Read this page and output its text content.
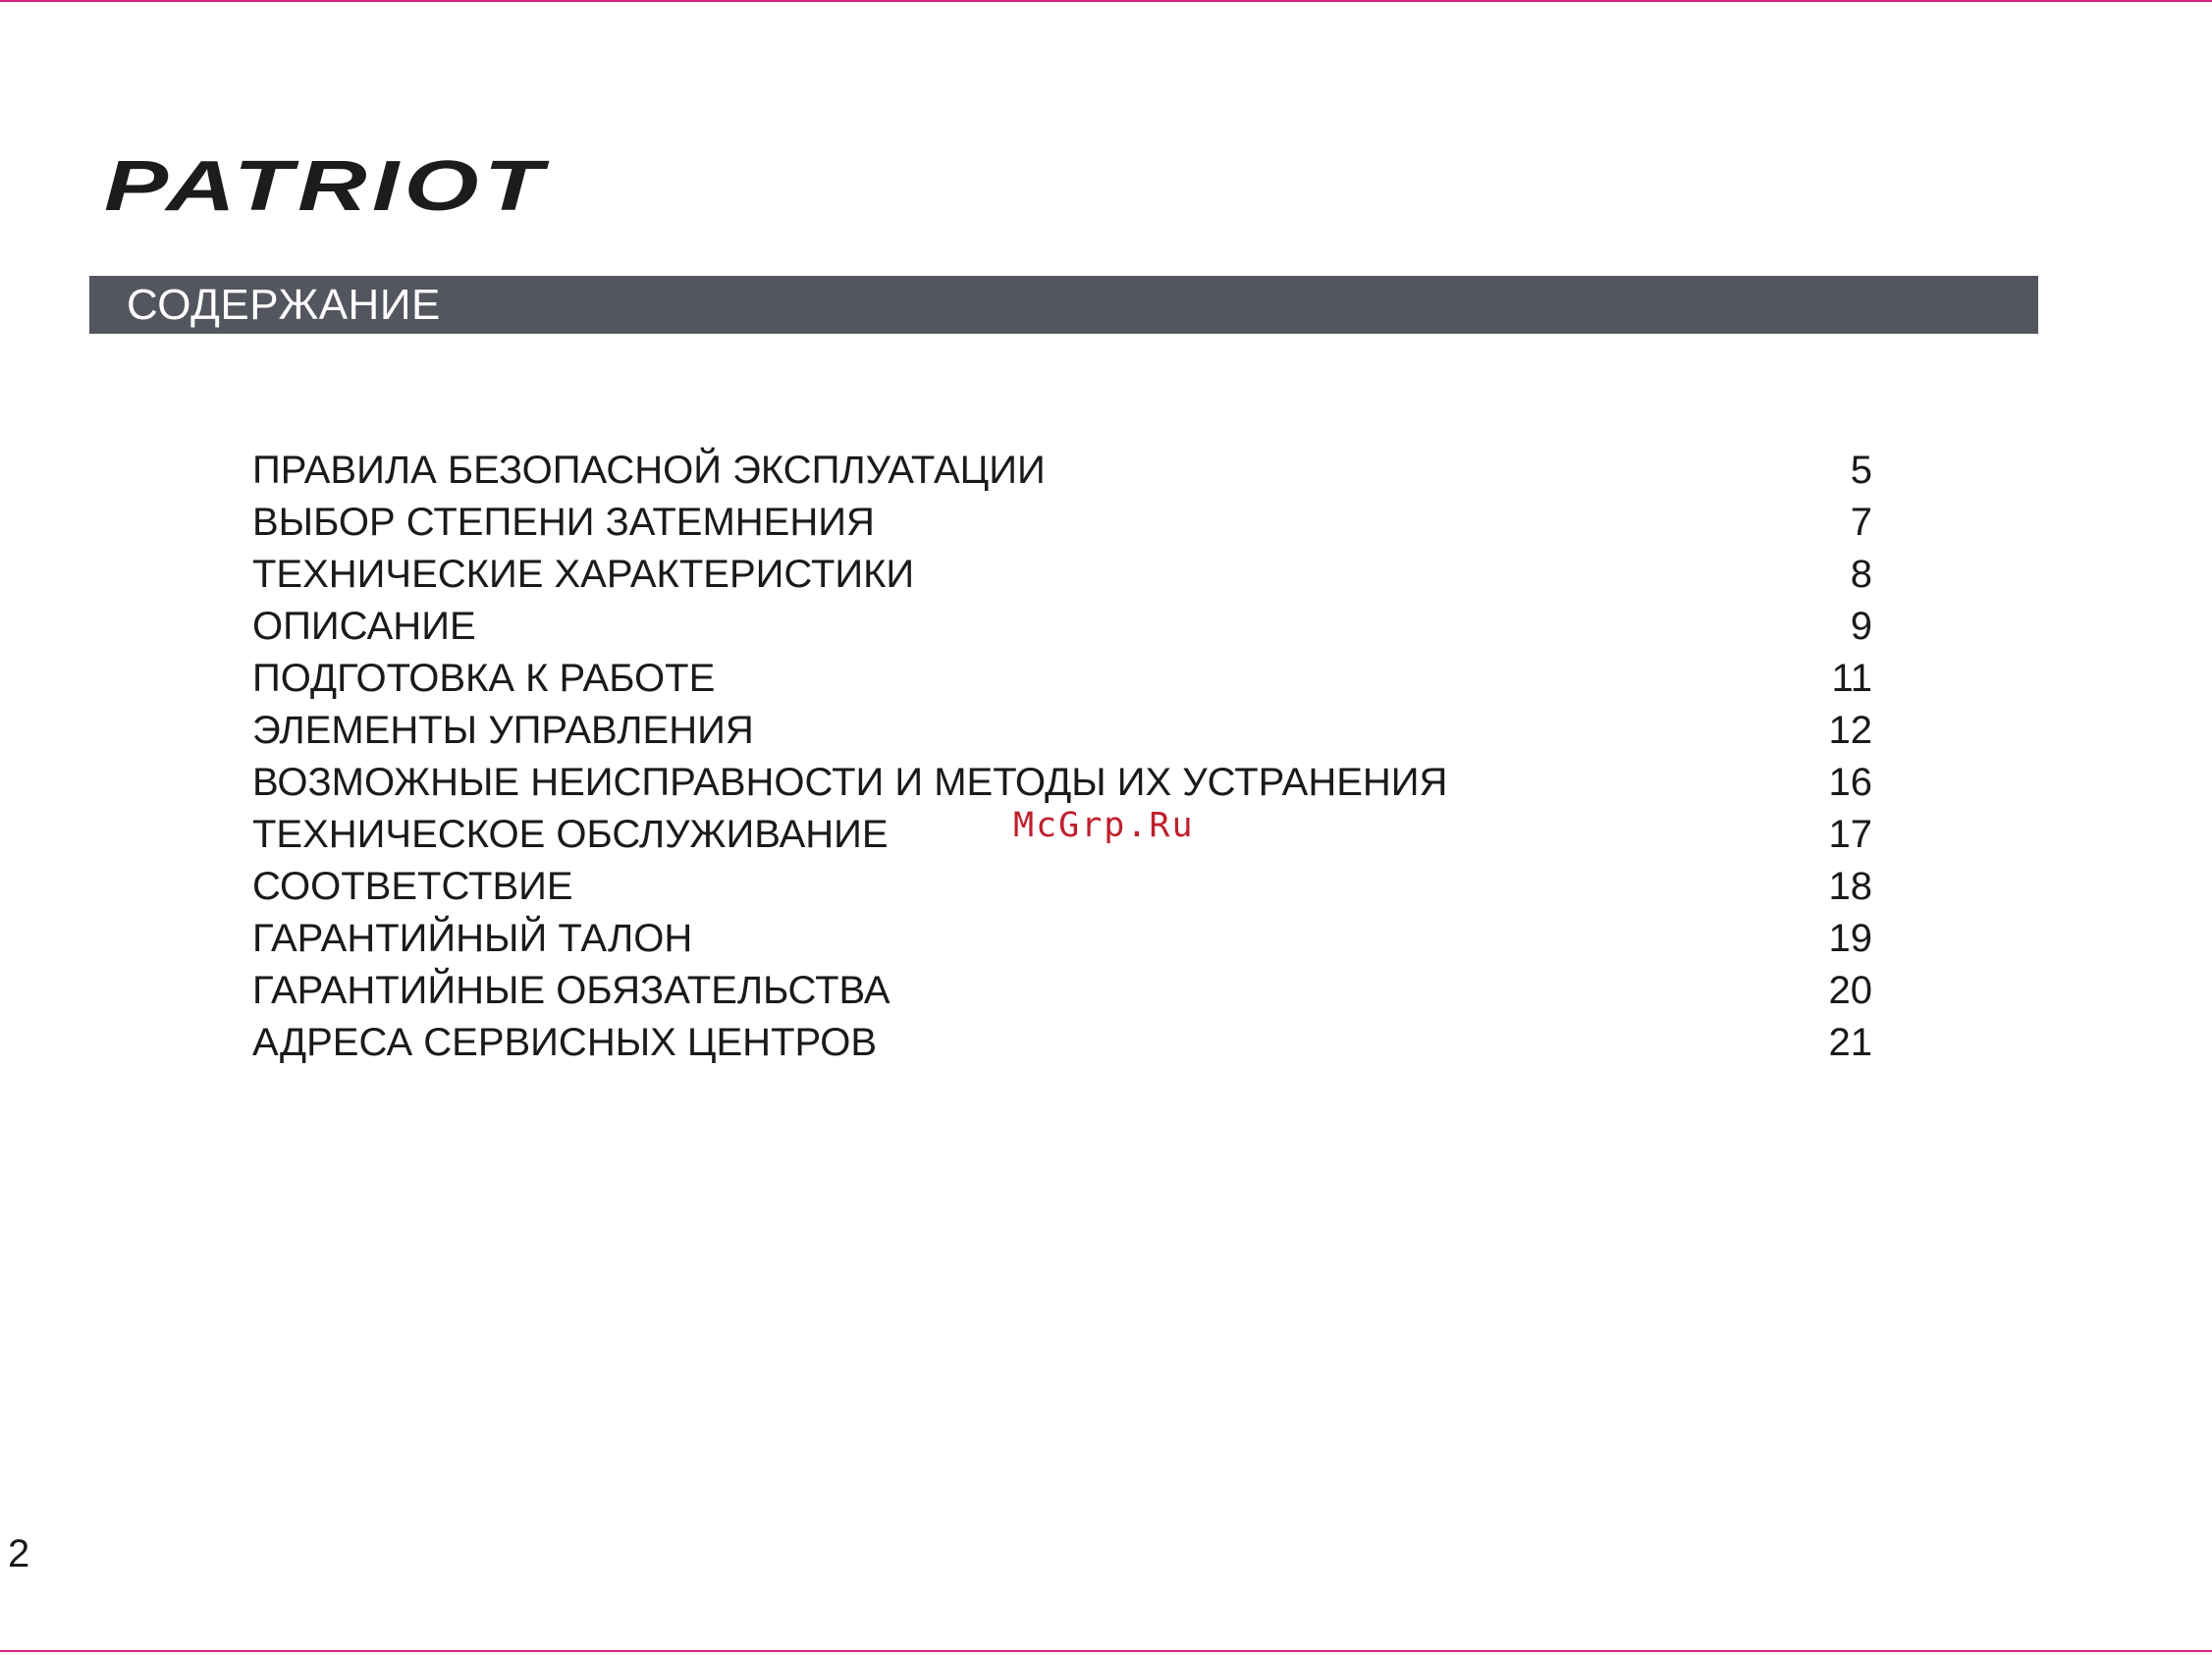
PATRIOT
СОДЕРЖАНИЕ
ПРАВИЛА БЕЗОПАСНОЙ ЭКСПЛУАТАЦИИ	5
ВЫБОР СТЕПЕНИ ЗАТЕМНЕНИЯ	7
ТЕХНИЧЕСКИЕ ХАРАКТЕРИСТИКИ	8
ОПИСАНИЕ	9
ПОДГОТОВКА К РАБОТЕ	11
ЭЛЕМЕНТЫ УПРАВЛЕНИЯ	12
ВОЗМОЖНЫЕ НЕИСПРАВНОСТИ И МЕТОДЫ ИХ УСТРАНЕНИЯ	16
ТЕХНИЧЕСКОЕ ОБСЛУЖИВАНИЕ	17
СООТВЕТСТВИЕ	18
ГАРАНТИЙНЫЙ ТАЛОН	19
ГАРАНТИЙНЫЕ ОБЯЗАТЕЛЬСТВА	20
АДРЕСА СЕРВИСНЫХ ЦЕНТРОВ	21
McGrp.Ru
2
